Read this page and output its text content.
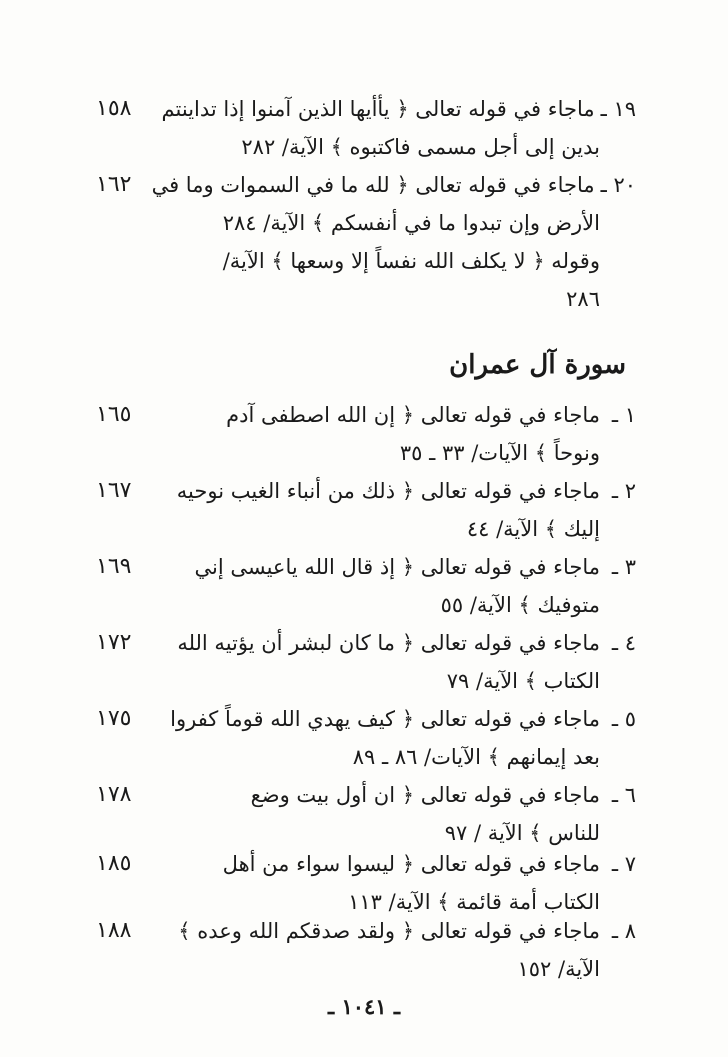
١٩ ـماجاء في قوله تعالى ﴿ يأأيها الذين آمنوا إذا تداينتم
١٥٨
بدين إلى أجل مسمى فاكتبوه ﴾ الآية/ ٢٨٢
٢٠ ـماجاء في قوله تعالى ﴿ لله ما في السموات وما في
١٦٢
الأرض وإن تبدوا ما في أنفسكم ﴾ الآية/ ٢٨٤
وقوله ﴿ لا يكلف الله نفساً إلا وسعها ﴾ الآية/
٢٨٦
سورة آل عمران
١ ـماجاء في قوله تعالى ﴿ إن الله اصطفى آدم
١٦٥
ونوحاً ﴾ الآيات/ ٣٣ ـ ٣٥
٢ ـماجاء في قوله تعالى ﴿ ذلك من أنباء الغيب نوحيه
١٦٧
إليك ﴾ الآية/ ٤٤
٣ ـماجاء في قوله تعالى ﴿ إذ قال الله ياعيسى إني
١٦٩
متوفيك ﴾ الآية/ ٥٥
٤ ـماجاء في قوله تعالى ﴿ ما كان لبشر أن يؤتيه الله
١٧٢
الكتاب ﴾ الآية/ ٧٩
٥ ـماجاء في قوله تعالى ﴿ كيف يهدي الله قوماً كفروا
١٧٥
بعد إيمانهم ﴾ الآيات/ ٨٦ ـ ٨٩
٦ ـماجاء في قوله تعالى ﴿ ان أول بيت وضع
١٧٨
للناس ﴾ الآية / ٩٧
٧ ـماجاء في قوله تعالى ﴿ ليسوا سواء من أهل
١٨٥
الكتاب أمة قائمة ﴾ الآية/ ١١٣
٨ ـماجاء في قوله تعالى ﴿ ولقد صدقكم الله وعده ﴾
١٨٨
الآية/ ١٥٢
ـ ١٠٤١ ـ
